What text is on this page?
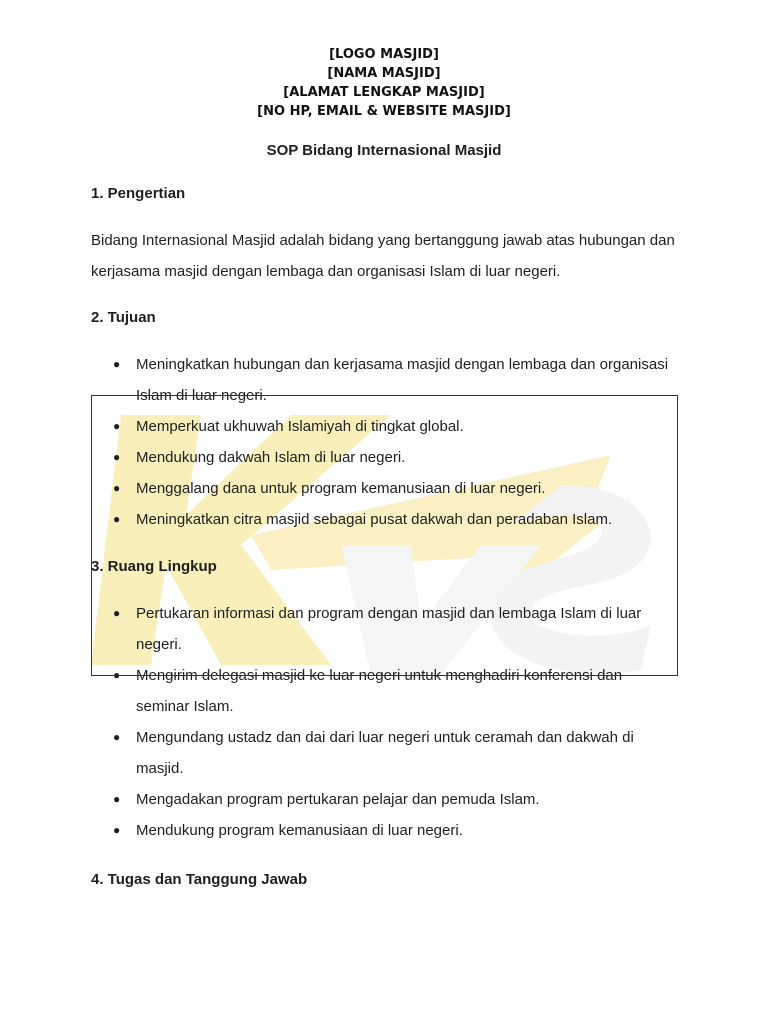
[LOGO MASJID]
[NAMA MASJID]
[ALAMAT LENGKAP MASJID]
[NO HP, EMAIL & WEBSITE MASJID]
SOP Bidang Internasional Masjid
1. Pengertian
Bidang Internasional Masjid adalah bidang yang bertanggung jawab atas hubungan dan
kerjasama masjid dengan lembaga dan organisasi Islam di luar negeri.
2. Tujuan
● Meningkatkan hubungan dan kerjasama masjid dengan lembaga dan organisasi
Islam di luar negeri.
● Memperkuat ukhuwah Islamiyah di tingkat global.
● Mendukung dakwah Islam di luar negeri.
● Menggalang dana untuk program kemanusiaan di luar negeri.
● Meningkatkan citra masjid sebagai pusat dakwah dan peradaban Islam.
3. Ruang Lingkup
● Pertukaran informasi dan program dengan masjid dan lembaga Islam di luar
negeri.
● Mengirim delegasi masjid ke luar negeri untuk menghadiri konferensi dan
seminar Islam.
● Mengundang ustadz dan dai dari luar negeri untuk ceramah dan dakwah di
masjid.
● Mengadakan program pertukaran pelajar dan pemuda Islam.
● Mendukung program kemanusiaan di luar negeri.
4. Tugas dan Tanggung Jawab
